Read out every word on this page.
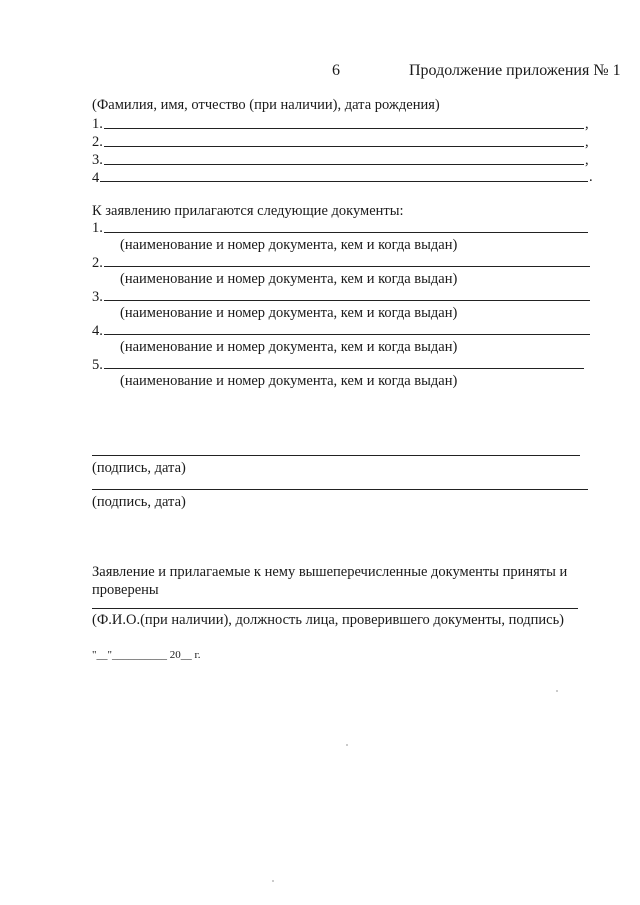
6	Продолжение приложения № 1
(Фамилия, имя, отчество (при наличии), дата рождения)
1.	,
2.	,
3.	,
4	.
К заявлению прилагаются следующие документы:
1.
(наименование и номер документа, кем и когда выдан)
2.
(наименование и номер документа, кем и когда выдан)
3.
(наименование и номер документа, кем и когда выдан)
4.
(наименование и номер документа, кем и когда выдан)
5.
(наименование и номер документа, кем и когда выдан)
(подпись, дата)
(подпись, дата)
Заявление и прилагаемые к нему вышеперечисленные документы приняты и
проверены
(Ф.И.О.(при наличии), должность лица, проверившего документы, подпись)
"__"__________ 20__ г.
